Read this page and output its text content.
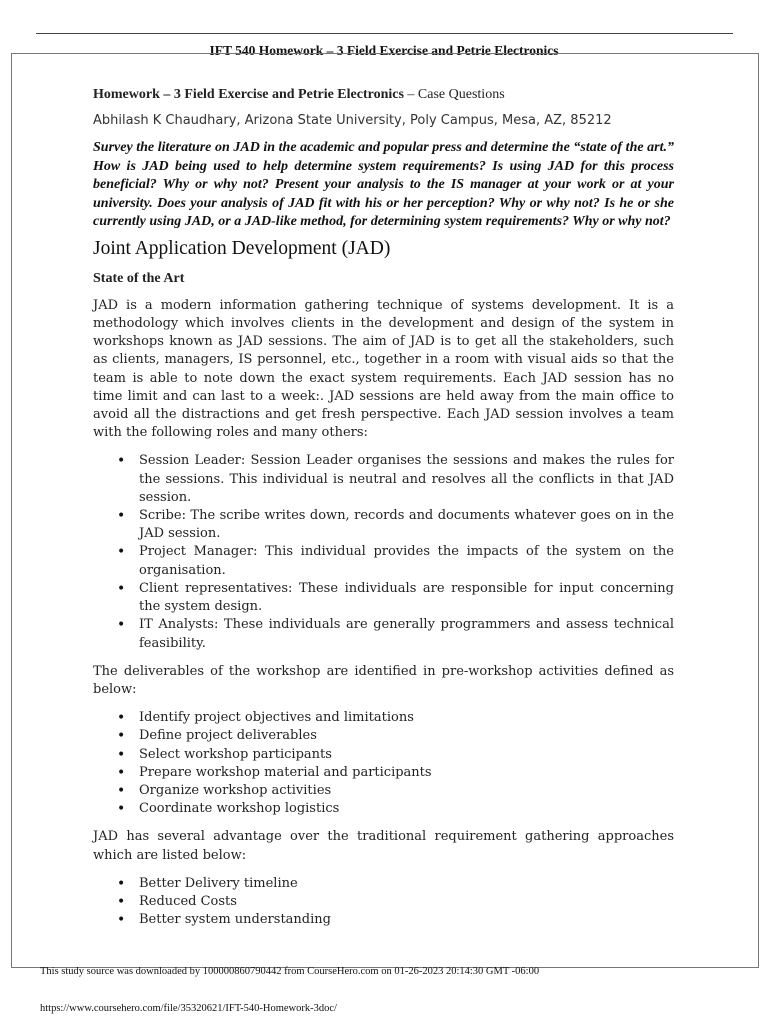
IFT 540 Homework – 3 Field Exercise and Petrie Electronics

Homework – 3 Field Exercise and Petrie Electronics – Case Questions

Abhilash K Chaudhary, Arizona State University, Poly Campus, Mesa, AZ, 85212

Survey the literature on JAD in the academic and popular press and determine the “state of the art.” How is JAD being used to help determine system requirements? Is using JAD for this process beneficial? Why or why not? Present your analysis to the IS manager at your work or at your university. Does your analysis of JAD fit with his or her perception? Why or why not? Is he or she currently using JAD, or a JAD-like method, for determining system requirements? Why or why not?

Joint Application Development (JAD)

State of the Art

JAD is a modern information gathering technique of systems development. It is a methodology which involves clients in the development and design of the system in workshops known as JAD sessions. The aim of JAD is to get all the stakeholders, such as clients, managers, IS personnel, etc., together in a room with visual aids so that the team is able to note down the exact system requirements. Each JAD session has no time limit and can last to a week:. JAD sessions are held away from the main office to avoid all the distractions and get fresh perspective. Each JAD session involves a team with the following roles and many others:

• Session Leader: Session Leader organises the sessions and makes the rules for the sessions. This individual is neutral and resolves all the conflicts in that JAD session.
• Scribe: The scribe writes down, records and documents whatever goes on in the JAD session.
• Project Manager: This individual provides the impacts of the system on the organisation.
• Client representatives: These individuals are responsible for input concerning the system design.
• IT Analysts: These individuals are generally programmers and assess technical feasibility.

The deliverables of the workshop are identified in pre-workshop activities defined as below:

• Identify project objectives and limitations
• Define project deliverables
• Select workshop participants
• Prepare workshop material and participants
• Organize workshop activities
• Coordinate workshop logistics

JAD has several advantage over the traditional requirement gathering approaches which are listed below:

• Better Delivery timeline
• Reduced Costs
• Better system understanding
This study source was downloaded by 100000860790442 from CourseHero.com on 01-26-2023 20:14:30 GMT -06:00
https://www.coursehero.com/file/35320621/IFT-540-Homework-3doc/
